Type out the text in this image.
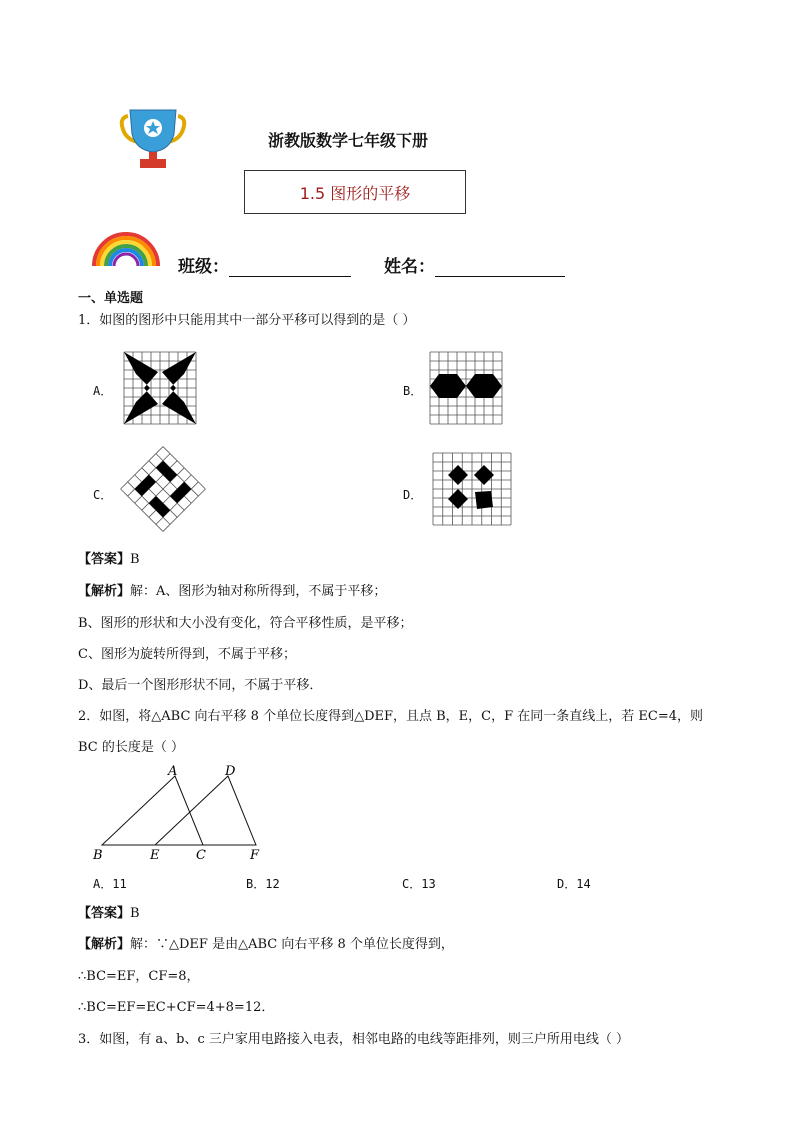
浙教版数学七年级下册
1.5 图形的平移
班级：	姓名：
一、单选题
1．如图的图形中只能用其中一部分平移可以得到的是（ ）
A．	B．
C．	D．
【答案】B
【解析】解：A、图形为轴对称所得到，不属于平移；
B、图形的形状和大小没有变化，符合平移性质，是平移；
C、图形为旋转所得到，不属于平移；
D、最后一个图形形状不同，不属于平移．
2．如图，将△ABC 向右平移 8 个单位长度得到△DEF，且点 B，E，C，F 在同一条直线上，若 EC=4，则
BC 的长度是（ ）
A	D
B	E	C	F
A．11	B．12	C．13	D．14
【答案】B
【解析】解：∵△DEF 是由△ABC 向右平移 8 个单位长度得到，
∴BC=EF，CF=8，
∴BC=EF=EC+CF=4+8=12．
3．如图，有 a、b、c 三户家用电路接入电表，相邻电路的电线等距排列，则三户所用电线（ ）
